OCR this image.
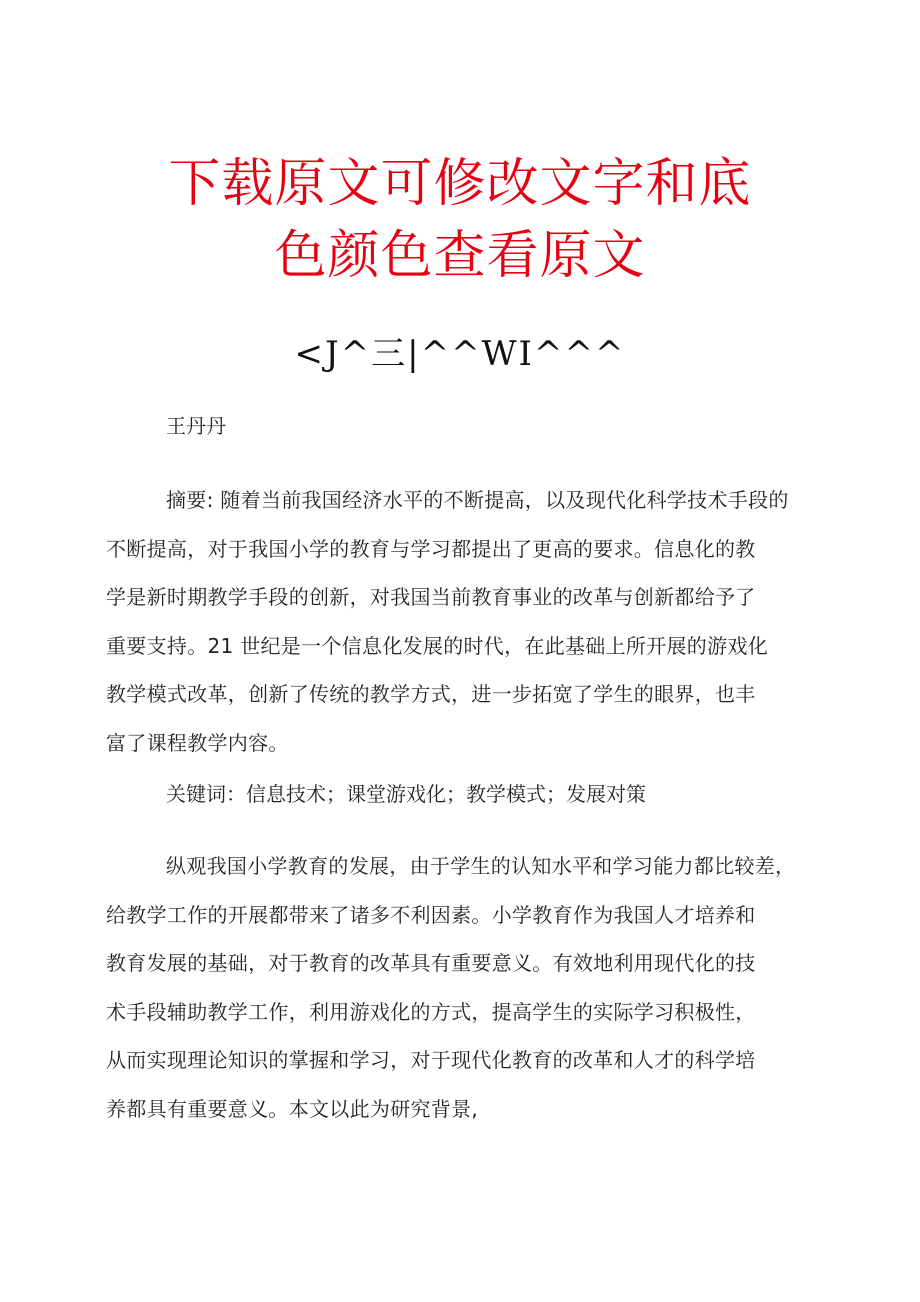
下载原文可修改文字和底
色颜色查看原文
<J^三|^^WI^^^
王丹丹
摘要: 随着当前我国经济水平的不断提高，以及现代化科学技术手段的
不断提高，对于我国小学的教育与学习都提出了更高的要求。信息化的教
学是新时期教学手段的创新，对我国当前教育事业的改革与创新都给予了
重要支持。21 世纪是一个信息化发展的时代，在此基础上所开展的游戏化
教学模式改革，创新了传统的教学方式，进一步拓宽了学生的眼界，也丰
富了课程教学内容。
关键词：信息技术；课堂游戏化；教学模式；发展对策
纵观我国小学教育的发展，由于学生的认知水平和学习能力都比较差，
给教学工作的开展都带来了诸多不利因素。小学教育作为我国人才培养和
教育发展的基础，对于教育的改革具有重要意义。有效地利用现代化的技
术手段辅助教学工作，利用游戏化的方式，提高学生的实际学习积极性，
从而实现理论知识的掌握和学习，对于现代化教育的改革和人才的科学培
养都具有重要意义。本文以此为研究背景,
